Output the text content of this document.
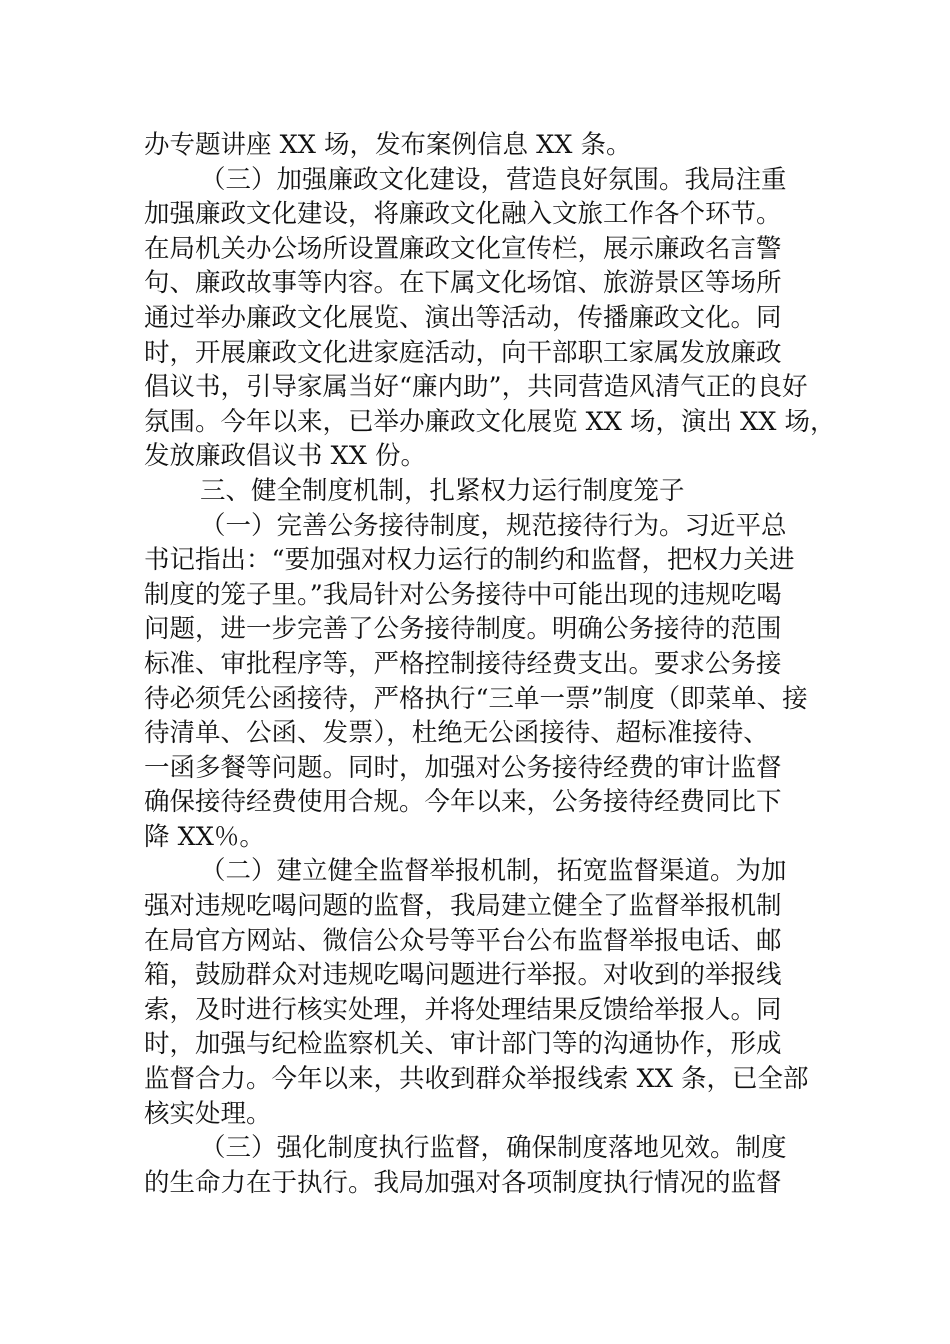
办专题讲座 XX 场，发布案例信息 XX 条。
（三）加强廉政文化建设，营造良好氛围。我局注重
加强廉政文化建设，将廉政文化融入文旅工作各个环节。
在局机关办公场所设置廉政文化宣传栏，展示廉政名言警
句、廉政故事等内容。在下属文化场馆、旅游景区等场所
通过举办廉政文化展览、演出等活动，传播廉政文化。同
时，开展廉政文化进家庭活动，向干部职工家属发放廉政
倡议书，引导家属当好“廉内助”，共同营造风清气正的良好
氛围。今年以来，已举办廉政文化展览 XX 场，演出 XX 场，
发放廉政倡议书 XX 份。
三、健全制度机制，扎紧权力运行制度笼子
（一）完善公务接待制度，规范接待行为。习近平总
书记指出：“要加强对权力运行的制约和监督，把权力关进
制度的笼子里。”我局针对公务接待中可能出现的违规吃喝
问题，进一步完善了公务接待制度。明确公务接待的范围
标准、审批程序等，严格控制接待经费支出。要求公务接
待必须凭公函接待，严格执行“三单一票”制度（即菜单、接
待清单、公函、发票），杜绝无公函接待、超标准接待、
一函多餐等问题。同时，加强对公务接待经费的审计监督
确保接待经费使用合规。今年以来，公务接待经费同比下
降 XX％。
（二）建立健全监督举报机制，拓宽监督渠道。为加
强对违规吃喝问题的监督，我局建立健全了监督举报机制
在局官方网站、微信公众号等平台公布监督举报电话、邮
箱，鼓励群众对违规吃喝问题进行举报。对收到的举报线
索，及时进行核实处理，并将处理结果反馈给举报人。同
时，加强与纪检监察机关、审计部门等的沟通协作，形成
监督合力。今年以来，共收到群众举报线索 XX 条，已全部
核实处理。
（三）强化制度执行监督，确保制度落地见效。制度
的生命力在于执行。我局加强对各项制度执行情况的监督
